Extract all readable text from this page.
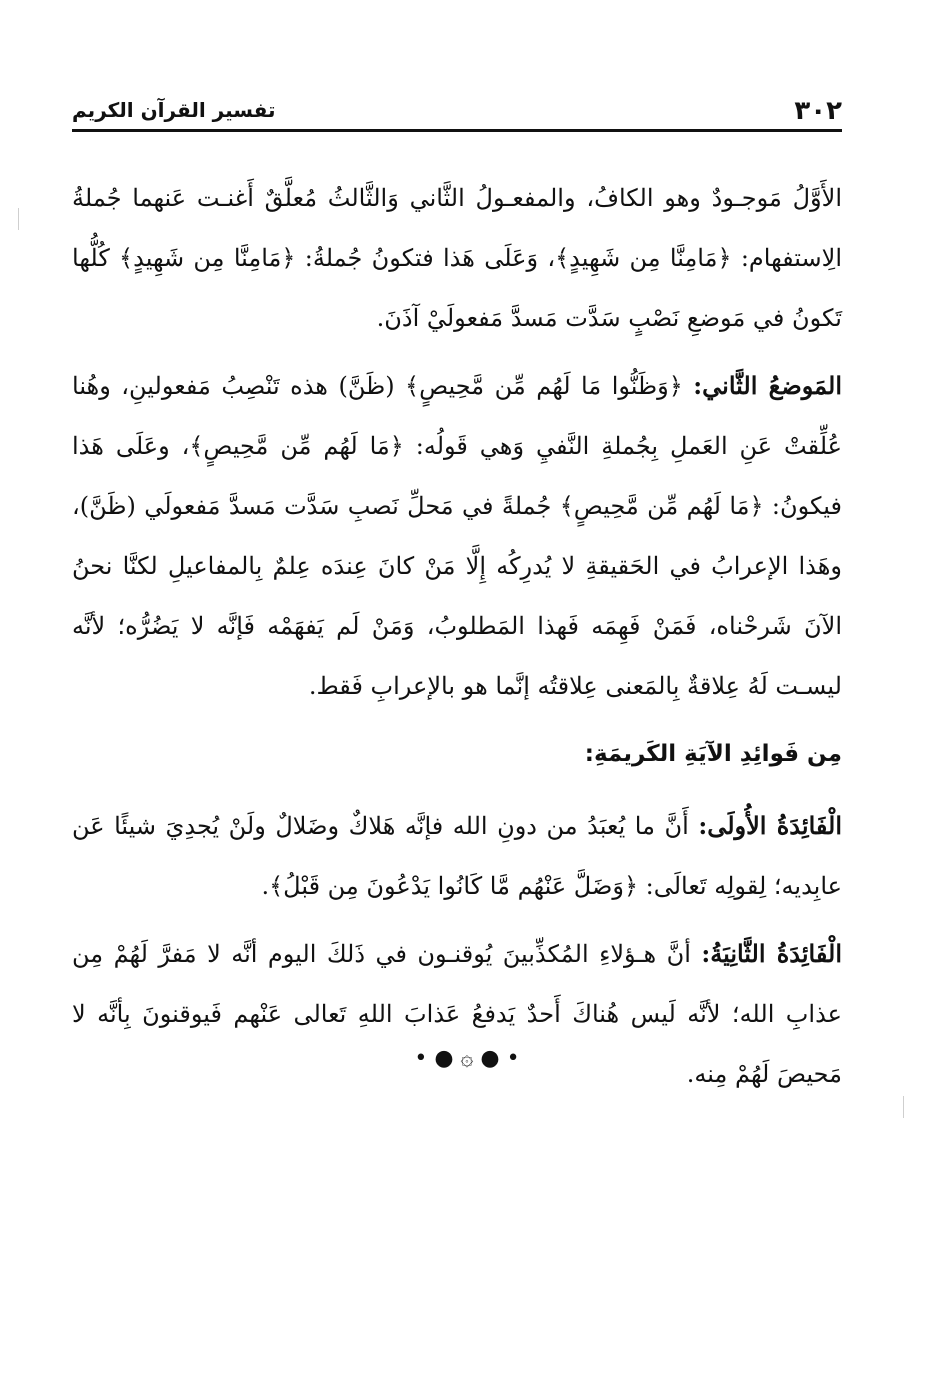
٣٠٢
تفسير القرآن الكريم

الأَوَّلُ مَوجـودٌ وهو الكافُ، والمفعـولُ الثَّاني وَالثَّالثُ مُعلَّقٌ أَغنـت عَنهما جُملةُ الِاستفهام: ﴿مَامِنَّا مِن شَهِيدٍ﴾، وَعَلَى هَذا فتكونُ جُملةُ: ﴿مَامِنَّا مِن شَهِيدٍ﴾ كُلُّها تَكونُ في مَوضعِ نَصْبٍ سَدَّت مَسدَّ مَفعولَيْ آذَنَ.

المَوضعُ الثَّاني: ﴿وَظَنُّوا مَا لَهُم مِّن مَّحِيصٍ﴾ (ظَنَّ) هذه تَنْصِبُ مَفعولينِ، وهُنا عُلِّقتْ عَنِ العَملِ بِجُملةِ النَّفيِ وَهي قَولُه: ﴿مَا لَهُم مِّن مَّحِيصٍ﴾، وعَلَى هَذا فيكونُ: ﴿مَا لَهُم مِّن مَّحِيصٍ﴾ جُملةً في مَحلِّ نَصبِ سَدَّت مَسدَّ مَفعولَي (ظَنَّ)، وهَذا الإعرابُ في الحَقيقةِ لا يُدرِكُه إِلَّا مَنْ كانَ عِندَه عِلمٌ بِالمفاعيلِ لكنَّا نحنُ الآنَ شَرحْناه، فَمَنْ فَهِمَه فَهذا المَطلوبُ، وَمَنْ لَم يَفهَمْه فَإنَّه لا يَضُرُّه؛ لأنَّه ليسـت لَهُ عِلاقةٌ بِالمَعنى عِلاقتُه إنَّما هو بالإعرابِ فَقط.

مِن فَوائِدِ الآيَةِ الكَريمَةِ:

الْفَائِدَةُ الأُولَى: أَنَّ ما يُعبَدُ من دونِ الله فإنَّه هَلاكٌ وضَلالٌ ولَنْ يُجدِيَ شيئًا عَن عابِديه؛ لِقولِه تَعالَى: ﴿وَضَلَّ عَنْهُم مَّا كَانُوا يَدْعُونَ مِن قَبْلُ﴾.

الْفَائِدَةُ الثَّانِيَةُ: أنَّ هـؤلاءِ المُكذِّبينَ يُوقنـون في ذَلكَ اليوم أنَّه لا مَفرَّ لَهُمْ مِن عذابِ الله؛ لأنَّه لَيس هُناكَ أَحدٌ يَدفعُ عَذابَ اللهِ تَعالى عَنْهم فَيوقنونَ بِأنَّه لا مَحيصَ لَهُمْ مِنه.

• ● ۞ ● •
